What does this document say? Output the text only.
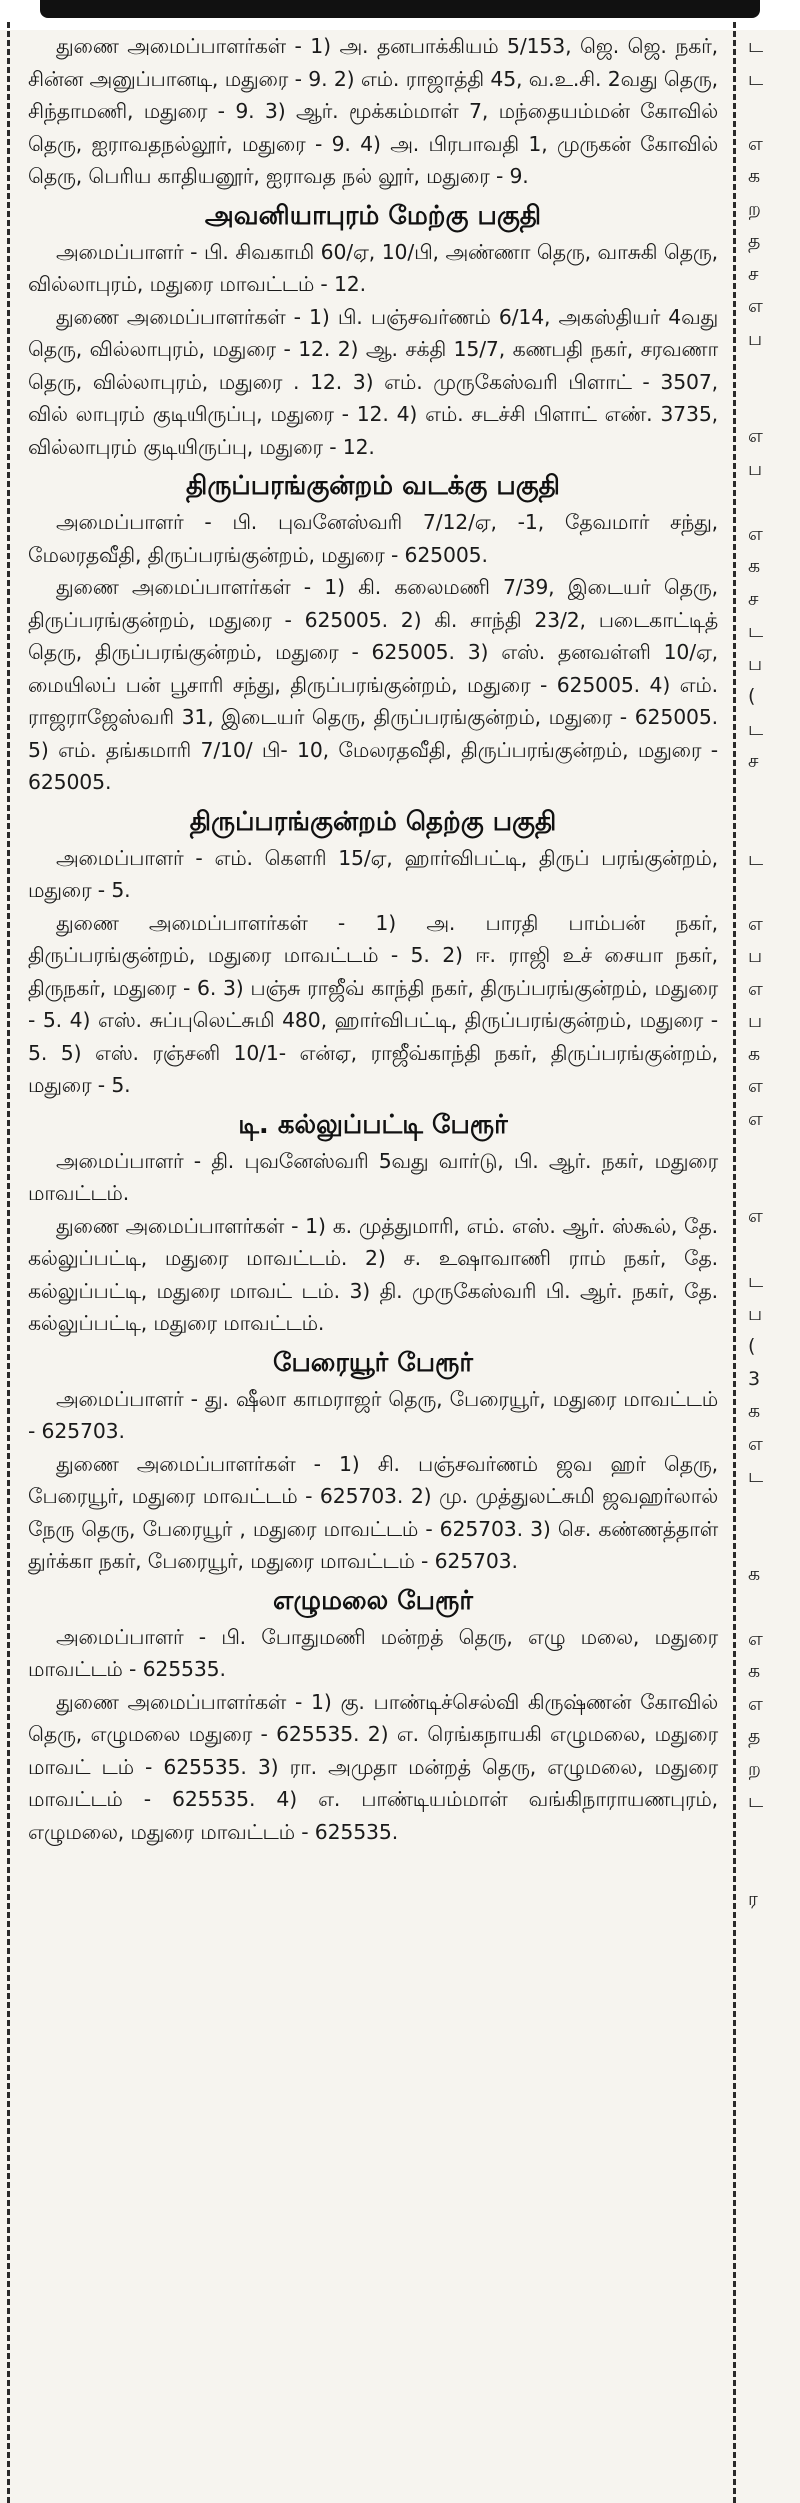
துணை அமைப்பாளர்கள் - 1) அ. தனபாக்கியம் 5/153, ஜெ. ஜெ. நகர், சின்ன அனுப்பானடி, மதுரை - 9. 2) எம். ராஜாத்தி 45, வ.உ.சி. 2வது தெரு, சிந்தாமணி, மதுரை - 9. 3) ஆர். மூக்கம்மாள் 7, மந்தையம்மன் கோவில் தெரு, ஐராவதநல்லூர், மதுரை - 9. 4) அ. பிரபாவதி 1, முருகன் கோவில் தெரு, பெரிய காதியனூர், ஐராவத நல் லூர், மதுரை - 9.

அவனியாபுரம் மேற்கு பகுதி

அமைப்பாளர் - பி. சிவகாமி 60/ஏ, 10/பி, அண்ணா தெரு, வாசுகி தெரு, வில்லாபுரம், மதுரை மாவட்டம் - 12.

துணை அமைப்பாளர்கள் - 1) பி. பஞ்சவர்ணம் 6/14, அகஸ்தியர் 4வது தெரு, வில்லாபுரம், மதுரை - 12. 2) ஆ. சக்தி 15/7, கணபதி நகர், சரவணா தெரு, வில்லாபுரம், மதுரை . 12. 3) எம். முருகேஸ்வரி பிளாட் - 3507, வில் லாபுரம் குடியிருப்பு, மதுரை - 12. 4) எம். சடச்சி பிளாட் எண். 3735, வில்லாபுரம் குடியிருப்பு, மதுரை - 12.

திருப்பரங்குன்றம் வடக்கு பகுதி

அமைப்பாளர் - பி. புவனேஸ்வரி 7/12/ஏ, -1, தேவமார் சந்து, மேலரதவீதி, திருப்பரங்குன்றம், மதுரை - 625005.

துணை அமைப்பாளர்கள் - 1) கி. கலைமணி 7/39, இடையர் தெரு, திருப்பரங்குன்றம், மதுரை - 625005. 2) கி. சாந்தி 23/2, படைகாட்டித் தெரு, திருப்பரங்குன்றம், மதுரை - 625005. 3) எஸ். தனவள்ளி 10/ஏ, மையிலப் பன் பூசாரி சந்து, திருப்பரங்குன்றம், மதுரை - 625005. 4) எம். ராஜராஜேஸ்வரி 31, இடையர் தெரு, திருப்பரங்குன்றம், மதுரை - 625005. 5) எம். தங்கமாரி 7/10/ பி- 10, மேலரதவீதி, திருப்பரங்குன்றம், மதுரை - 625005.

திருப்பரங்குன்றம் தெற்கு பகுதி

அமைப்பாளர் - எம். கௌரி 15/ஏ, ஹார்விபட்டி, திருப் பரங்குன்றம், மதுரை - 5.

துணை அமைப்பாளர்கள் - 1) அ. பாரதி பாம்பன் நகர், திருப்பரங்குன்றம், மதுரை மாவட்டம் - 5. 2) ஈ. ராஜி உச் சையா நகர், திருநகர், மதுரை - 6. 3) பஞ்சு ராஜீவ் காந்தி நகர், திருப்பரங்குன்றம், மதுரை - 5. 4) எஸ். சுப்புலெட்சுமி 480, ஹார்விபட்டி, திருப்பரங்குன்றம், மதுரை - 5. 5) எஸ். ரஞ்சனி 10/1- என்ஏ, ராஜீவ்காந்தி நகர், திருப்பரங்குன்றம், மதுரை - 5.

டி. கல்லுப்பட்டி பேரூர்

அமைப்பாளர் - தி. புவனேஸ்வரி 5வது வார்டு, பி. ஆர். நகர், மதுரை மாவட்டம்.

துணை அமைப்பாளர்கள் - 1) க. முத்துமாரி, எம். எஸ். ஆர். ஸ்கூல், தே. கல்லுப்பட்டி, மதுரை மாவட்டம். 2) ச. உஷாவாணி ராம் நகர், தே. கல்லுப்பட்டி, மதுரை மாவட் டம். 3) தி. முருகேஸ்வரி பி. ஆர். நகர், தே. கல்லுப்பட்டி, மதுரை மாவட்டம்.

பேரையூர் பேரூர்

அமைப்பாளர் - து. ஷீலா காமராஜர் தெரு, பேரையூர், மதுரை மாவட்டம் - 625703.

துணை அமைப்பாளர்கள் - 1) சி. பஞ்சவர்ணம் ஜவ ஹர் தெரு, பேரையூர், மதுரை மாவட்டம் - 625703. 2) மு. முத்துலட்சுமி ஜவஹர்லால் நேரு தெரு, பேரையூர் , மதுரை மாவட்டம் - 625703. 3) செ. கண்ணத்தாள் துர்க்கா நகர், பேரையூர், மதுரை மாவட்டம் - 625703.

எழுமலை பேரூர்

அமைப்பாளர் - பி. போதுமணி மன்றத் தெரு, எழு மலை, மதுரை மாவட்டம் - 625535.

துணை அமைப்பாளர்கள் - 1) கு. பாண்டிச்செல்வி கிருஷ்ணன் கோவில் தெரு, எழுமலை மதுரை - 625535. 2) எ. ரெங்கநாயகி எழுமலை, மதுரை மாவட் டம் - 625535. 3) ரா. அமுதா மன்றத் தெரு, எழுமலை, மதுரை மாவட்டம் - 625535. 4) எ. பாண்டியம்மாள் வங்கிநாராயணபுரம், எழுமலை, மதுரை மாவட்டம் - 625535.

ட
ட
எ
க
ற
த
ச
எ
ப
எ
ப
எ
க
ச
ட
ப
(
ட
ச
ட
எ
ப
எ
ப
க
எ
எ
எ
ட
ப
(
3
க
எ
ட
க
எ
க
எ
த
ற
ட
ர
